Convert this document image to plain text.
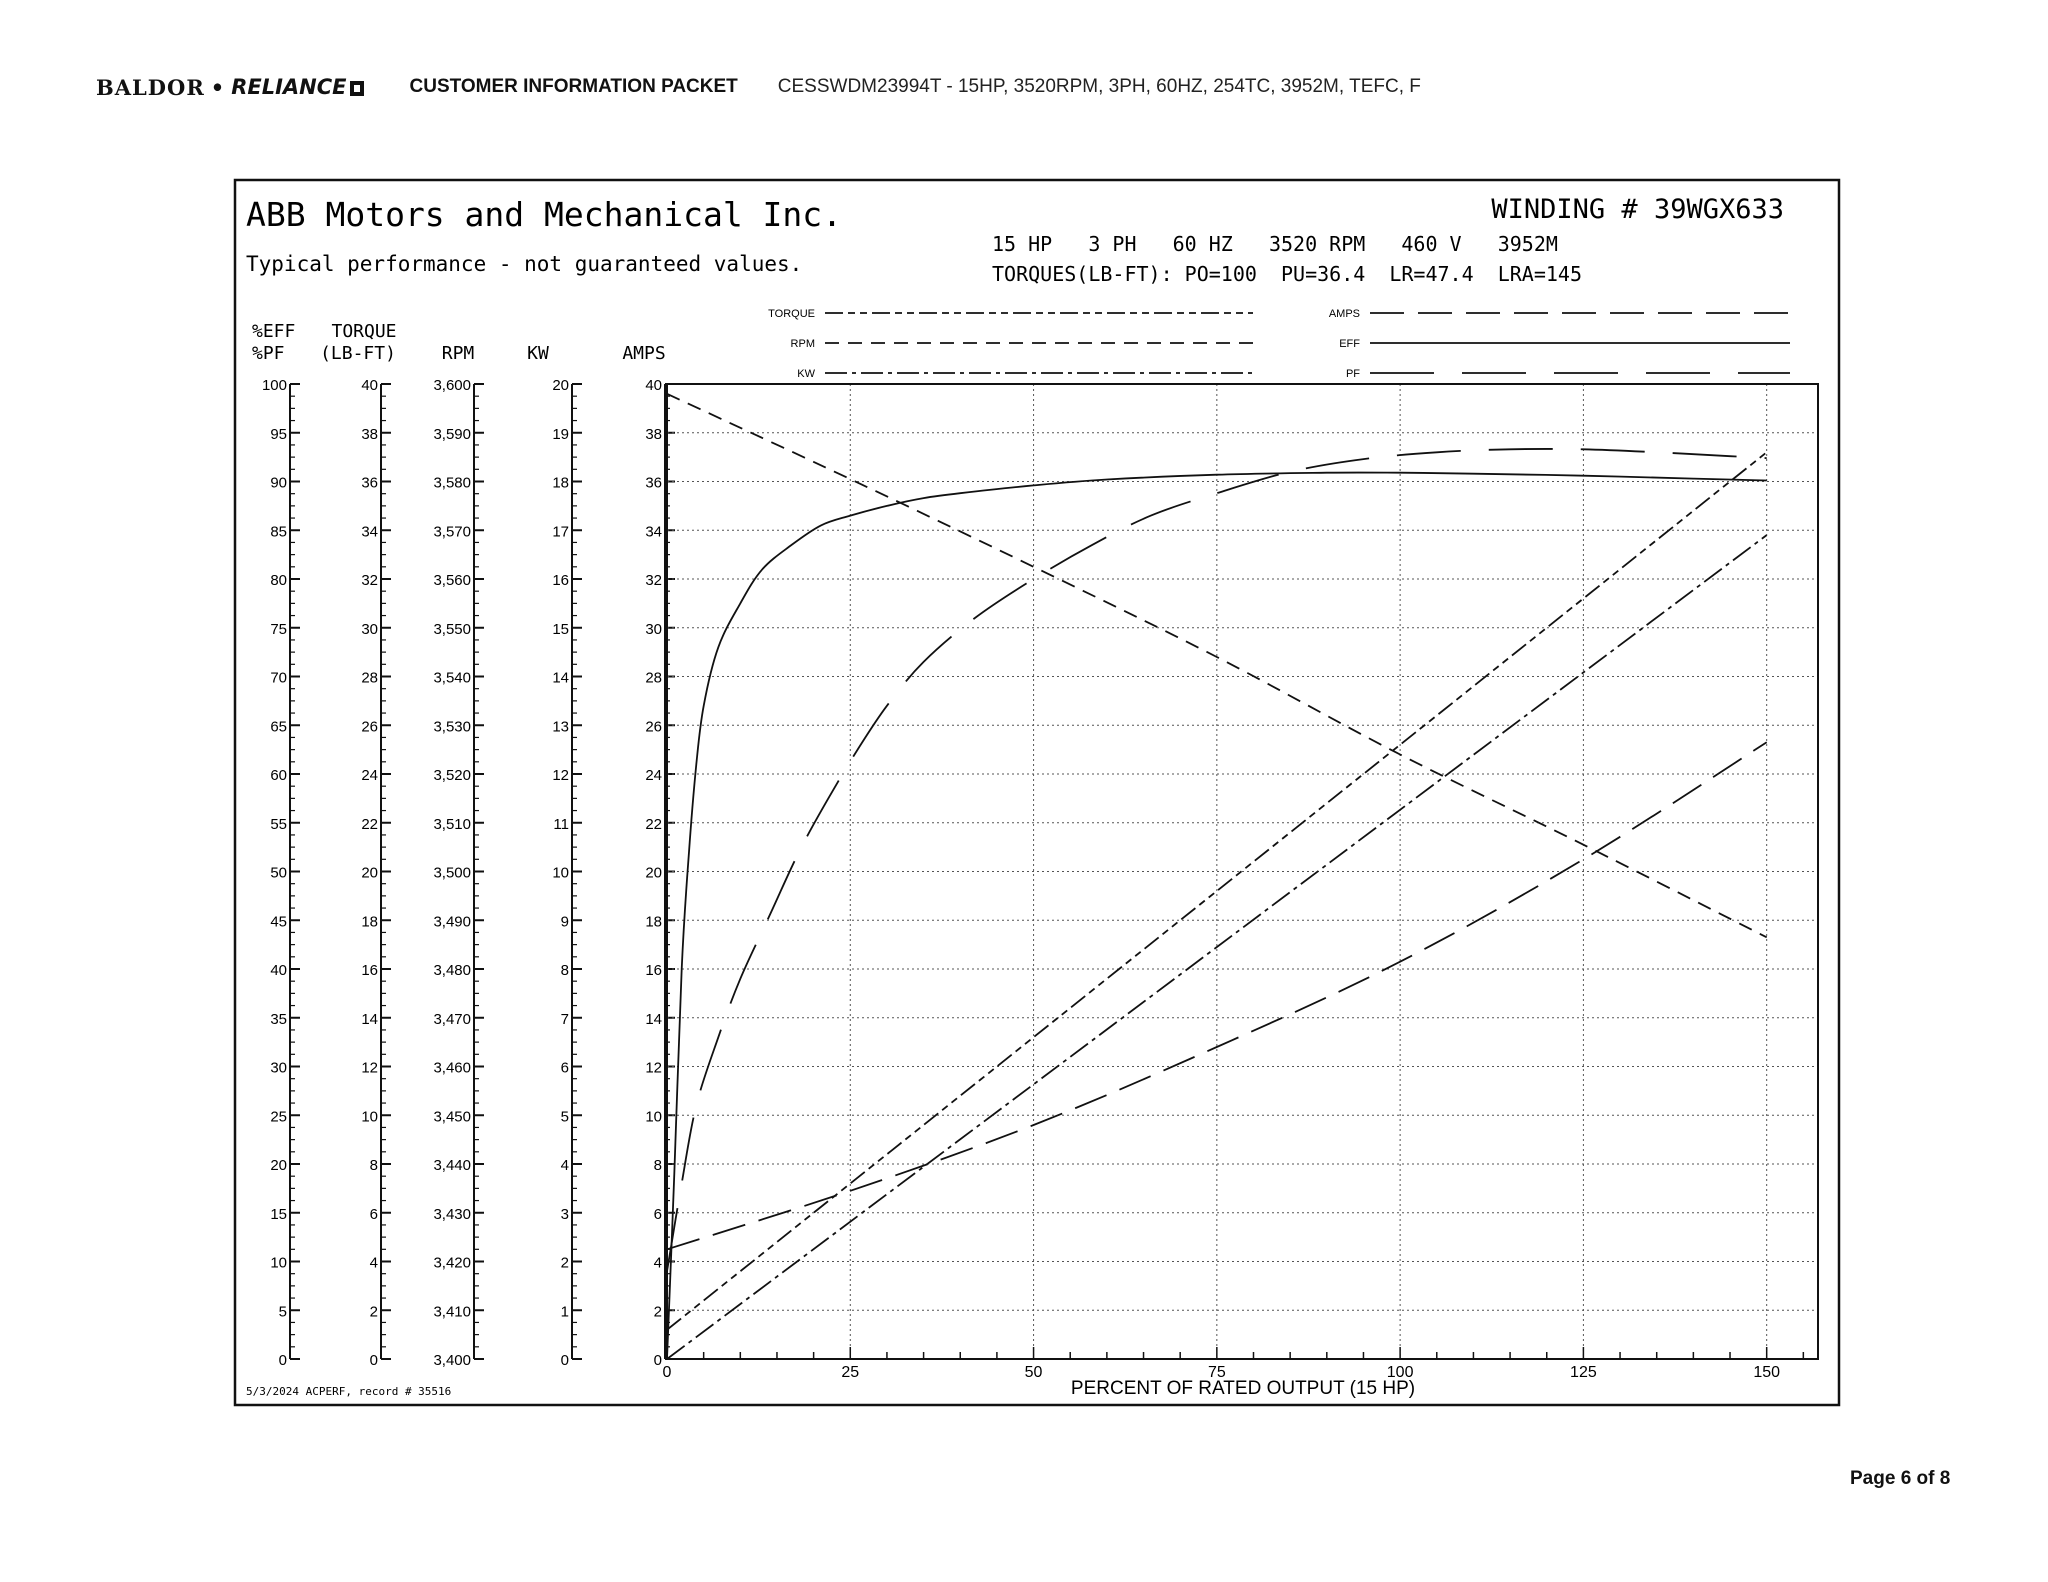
BALDOR • RELIANCE	CUSTOMER INFORMATION PACKET CESSWDM23994T - 15HP, 3520RPM, 3PH, 60HZ, 254TC, 3952M, TEFC, F
ABB Motors and Mechanical Inc.
Typical performance - not guaranteed values.
WINDING # 39WGX633
15 HP   3 PH   60 HZ   3520 RPM   460 V   3952M
TORQUES(LB-FT): PO=100  PU=36.4  LR=47.4  LRA=145
%EFF
%PF
TORQUE
(LB-FT)	RPM	KW	AMPS
0
5
10
15
20
25
30
35
40
45
50
55
60
65
70
75
80
85
90
95
100
0
2
4
6
8
10
12
14
16
18
20
22
24
26
28
30
32
34
36
38
40
3,400
3,410
3,420
3,430
3,440
3,450
3,460
3,470
3,480
3,490
3,500
3,510
3,520
3,530
3,540
3,550
3,560
3,570
3,580
3,590
3,600
0
1
2
3
4
5
6
7
8
9
10
11
12
13
14
15
16
17
18
19
20
0
2
4
6
8
10
12
14
16
18
20
22
24
26
28
30
32
34
36
38
40
TORQUE
RPM
KW
AMPS
EFF
PF
0	25	50	75	100	125	150
PERCENT OF RATED OUTPUT (15 HP)
5/3/2024 ACPERF, record # 35516
Page 6 of 8
